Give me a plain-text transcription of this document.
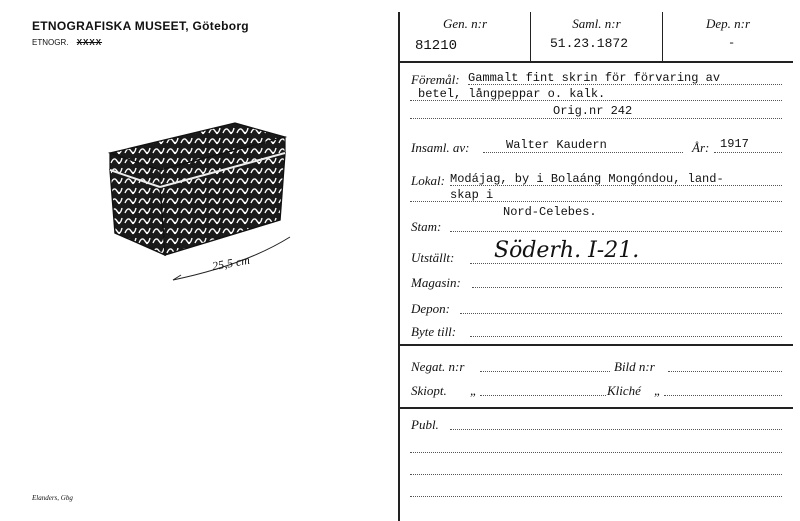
ETNOGRAFISKA MUSEET, Göteborg
ETNOGR. XXXX
25,5 cm
Elanders, Gbg
Gen. n:r
81210
Saml. n:r
51.23.1872
Dep. n:r
-
Föremål: Gammalt fint skrin för förvaring av
betel, långpeppar o. kalk.
Orig.nr 242
Insaml. av:	Walter Kaudern	År: 1917
Lokal: Modájag, by i Bolaáng Mongóndou, land-
skap i
Nord-Celebes.
Stam:
Utställt: Söderh. I-21.
Magasin:
Depon:
Byte till:
Negat. n:r	Bild n:r
Skiopt. „	Kliché „
Publ.
